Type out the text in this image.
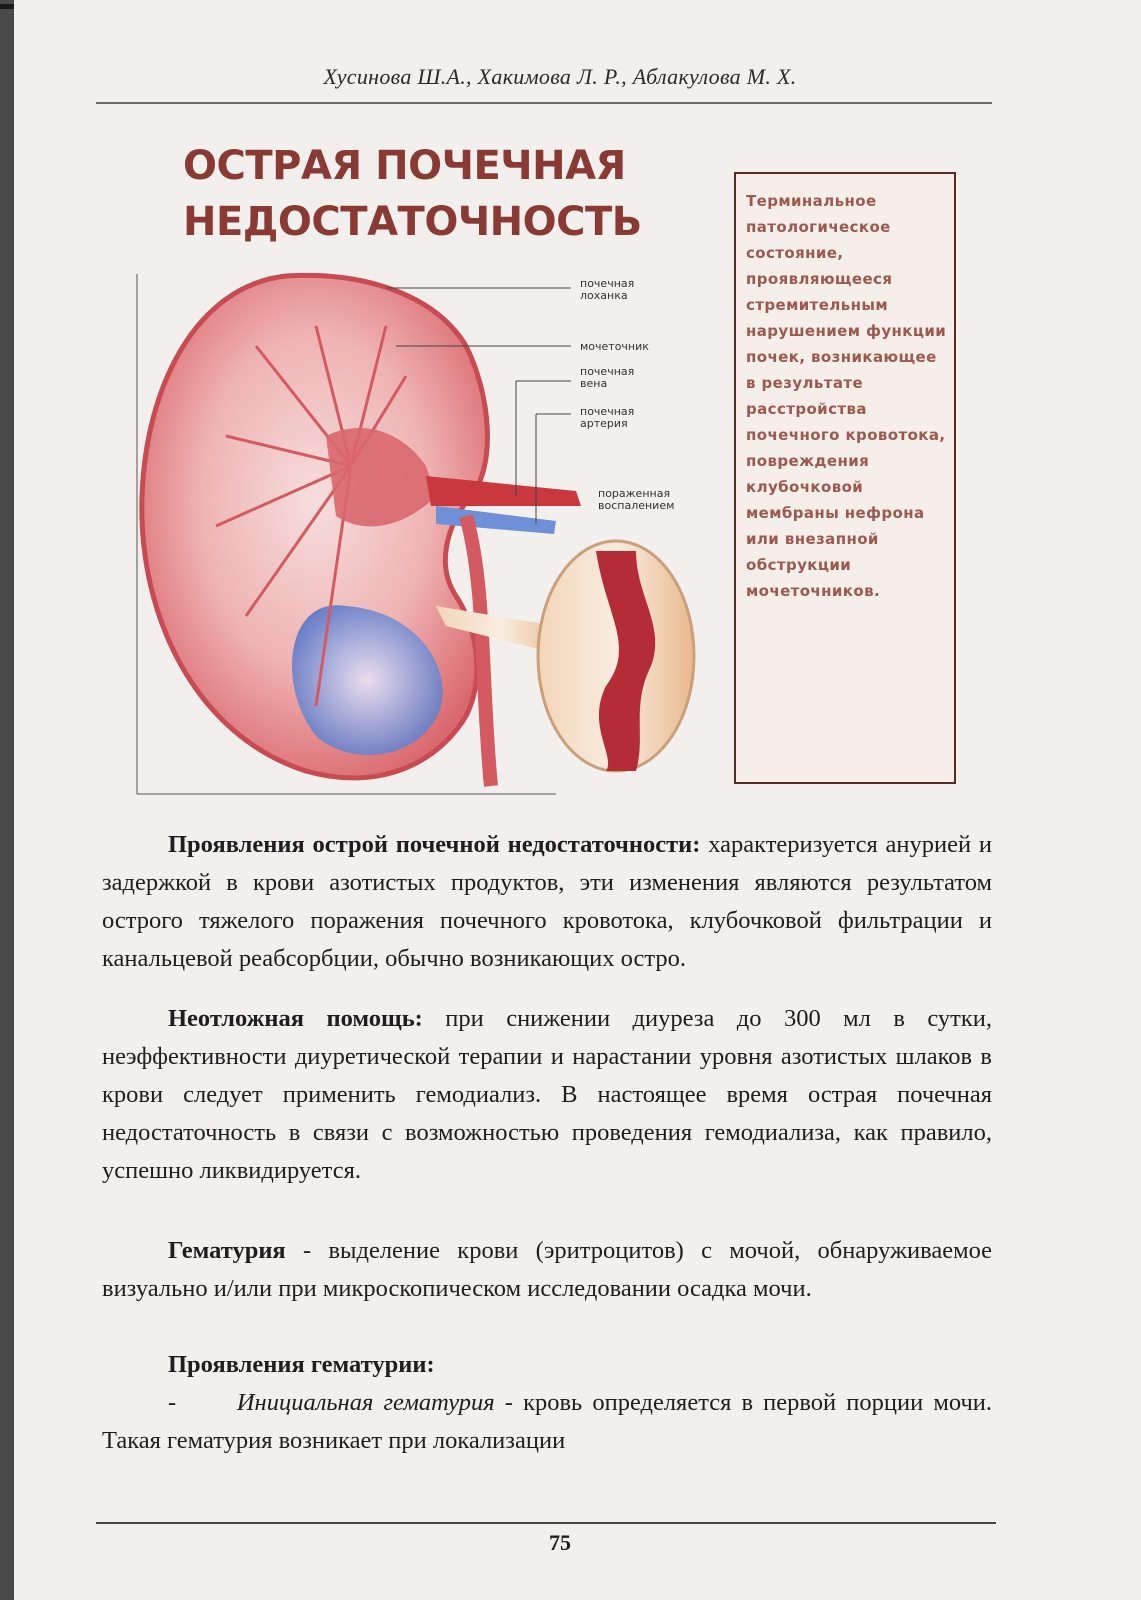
Хусинова Ш.А., Хакимова Л. Р., Аблакулова М. Х.
ОСТРАЯ ПОЧЕЧНАЯ
НЕДОСТАТОЧНОСТЬ
почечная
лоханка
мочеточник
почечная
вена
почечная
артерия
пораженная
воспалением
Терминальное патологическое состояние, проявляющееся стремительным нарушением функции почек, возникающее в результате расстройства почечного кровотока, повреждения клубочковой мембраны нефрона или внезапной обструкции мочеточников.

Проявления острой почечной недостаточности: характеризуется анурией и задержкой в крови азотистых продуктов, эти изменения являются результатом острого тяжелого поражения почечного кровотока, клубочковой фильтрации и канальцевой реабсорбции, обычно возникающих остро.

Неотложная помощь: при снижении диуреза до 300 мл в сутки, неэффективности диуретической терапии и нарастании уровня азотистых шлаков в крови следует применить гемодиализ. В настоящее время острая почечная недостаточность в связи с возможностью проведения гемодиализа, как правило, успешно ликвидируется.

Гематурия - выделение крови (эритроцитов) с мочой, обнаруживаемое визуально и/или при микроскопическом исследовании осадка мочи.

Проявления гематурии:

- Инициальная гематурия - кровь определяется в первой порции мочи. Такая гематурия возникает при локализации

75
